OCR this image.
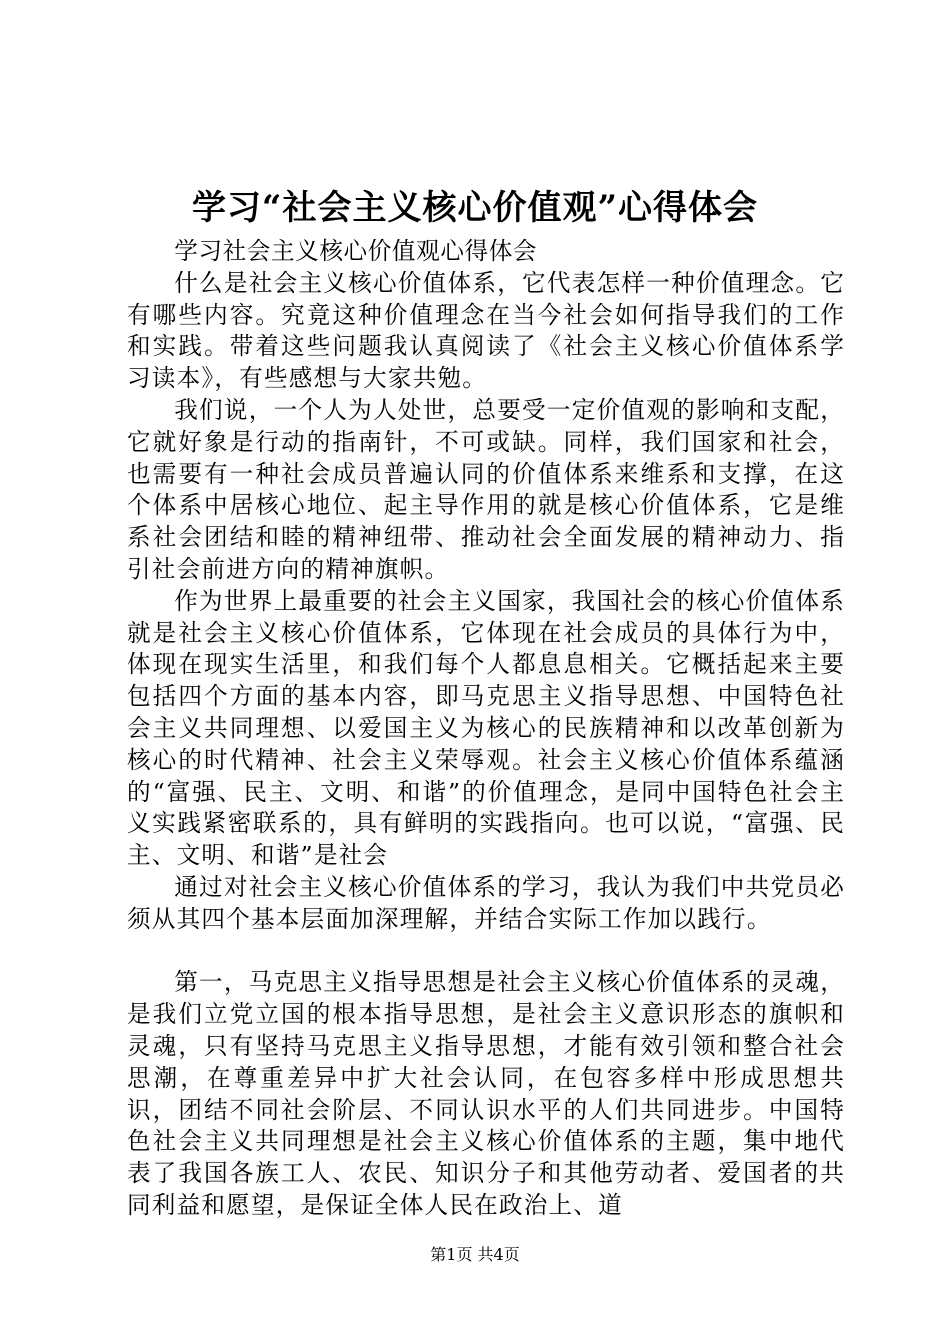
学习“社会主义核心价值观”心得体会

学习社会主义核心价值观心得体会

什么是社会主义核心价值体系，它代表怎样一种价值理念。它有哪些内容。究竟这种价值理念在当今社会如何指导我们的工作和实践。带着这些问题我认真阅读了《社会主义核心价值体系学习读本》，有些感想与大家共勉。

我们说，一个人为人处世，总要受一定价值观的影响和支配，它就好象是行动的指南针，不可或缺。同样，我们国家和社会，也需要有一种社会成员普遍认同的价值体系来维系和支撑，在这个体系中居核心地位、起主导作用的就是核心价值体系，它是维系社会团结和睦的精神纽带、推动社会全面发展的精神动力、指引社会前进方向的精神旗帜。

作为世界上最重要的社会主义国家，我国社会的核心价值体系就是社会主义核心价值体系，它体现在社会成员的具体行为中，体现在现实生活里，和我们每个人都息息相关。它概括起来主要包括四个方面的基本内容，即马克思主义指导思想、中国特色社会主义共同理想、以爱国主义为核心的民族精神和以改革创新为核心的时代精神、社会主义荣辱观。社会主义核心价值体系蕴涵的“富强、民主、文明、和谐”的价值理念，是同中国特色社会主义实践紧密联系的，具有鲜明的实践指向。也可以说，“富强、民主、文明、和谐”是社会

通过对社会主义核心价值体系的学习，我认为我们中共党员必须从其四个基本层面加深理解，并结合实际工作加以践行。

第一，马克思主义指导思想是社会主义核心价值体系的灵魂，是我们立党立国的根本指导思想，是社会主义意识形态的旗帜和灵魂，只有坚持马克思主义指导思想，才能有效引领和整合社会思潮，在尊重差异中扩大社会认同，在包容多样中形成思想共识，团结不同社会阶层、不同认识水平的人们共同进步。中国特色社会主义共同理想是社会主义核心价值体系的主题，集中地代表了我国各族工人、农民、知识分子和其他劳动者、爱国者的共同利益和愿望，是保证全体人民在政治上、道

第1页 共4页
